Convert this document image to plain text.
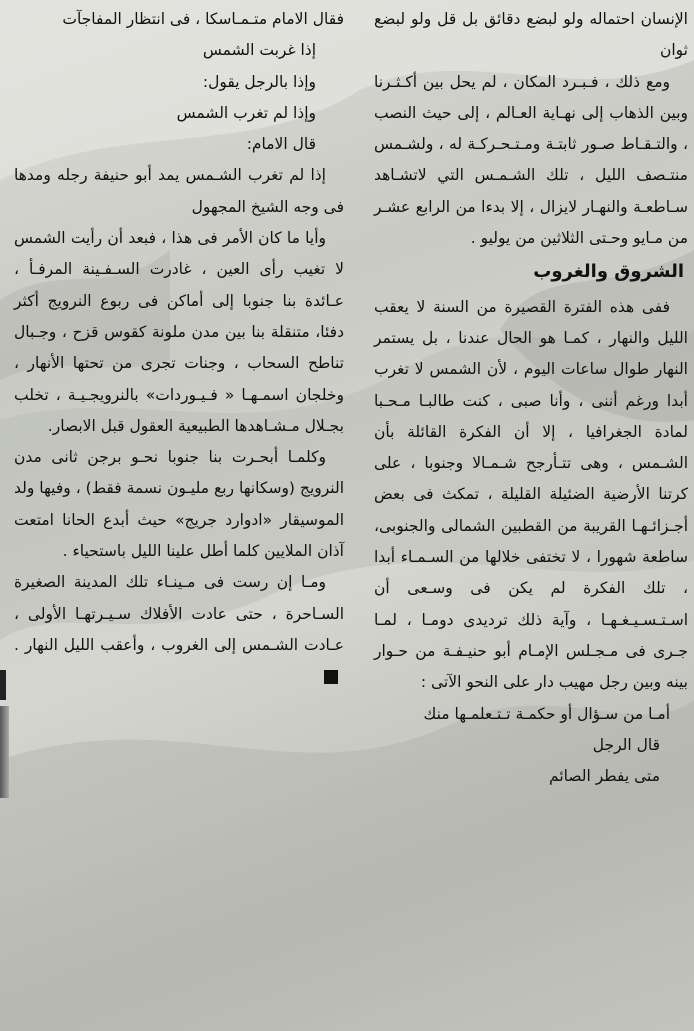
الإنسان احتماله ولو لبضع دقائق بل قل ولو لبضع ثوان

ومع ذلك ، فـبـرد المكان ، لم يحل بين أكـثـرنا وبين الذهاب إلى نهـاية العـالم ، إلى حيث النصب ، والتـقـاط صـور ثابتـة ومـتـحـركـة له ، ولشـمس منتـصف الليل ، تلك الشـمـس التي لاتشـاهد سـاطعـة والنهـار لايزال ، إلا بدءا من الرابع عشـر من مـايو وحـتى الثلاثين من يوليو .

الشروق والغروب

ففى هذه الفترة القصيرة من السنة لا يعقب الليل والنهار ، كمـا هو الحال عندنا ، بل يستمر النهار طوال ساعات اليوم ، لأن الشمس لا تغرب أبدا ورغم أننى ، وأنا صبى ، كنت طالبـا مـحـبا لمادة الجغرافيا ، إلا أن الفكرة القائلة بأن الشـمس ، وهى تتـأرجح شـمـالا وجنوبا ، على كرتنا الأرضية الضئيلة القليلة ، تمكث فى بعض أجـزائـهـا القريبة من القطبين الشمالى والجنوبى، ساطعة شهورا ، لا تختفى خلالها من السـمـاء أبدا ، تلك الفكرة لم يكن فى وسـعى أن اسـتـسـيـغـهـا ، وآية ذلك ترديدى دومـا ، لمـا جـرى فى مـجـلس الإمـام أبو حنيـفـة من حـوار بينه وبين رجل مهيب دار على النحو الآتى :

أمـا من سـؤال أو حكمـة تـتـعلمـها منك

قال الرجل

متى يفطر الصائم

فقال الامام متـمـاسكا ، فى انتظار المفاجآت

إذا غربت الشمس

وإذا بالرجل يقول:

وإذا لم تغرب الشمس

قال الامام:

إذا لم تغرب الشـمس يمد أبو حنيفة رجله ومدها فى وجه الشيخ المجهول

وأيا ما كان الأمر فى هذا ، فبعد أن رأيت الشمس لا تغيب رأى العين ، غادرت السـفـينة المرفـأ ، عـائدة بنا جنوبا إلى أماكن فى ربوع النرويج أكثر دفئا، متنقلة بنا بين مدن ملونة كقوس قزح ، وجـبال تناطح السحاب ، وجنات تجرى من تحتها الأنهار ، وخلجان اسمـهـا « فـيـوردات» بالنرويجـيـة ، تخلب بجـلال مـشـاهدها الطبيعية العقول قبل الابصار.

وكلمـا أبحـرت بنا جنوبا نحـو برجن ثانى مدن النرويج (وسكانها ربع مليـون نسمة فقط) ، وفيها ولد الموسيقار «ادوارد جريج» حيث أبدع الحانا امتعت آذان الملايين كلما أطل علينا الليل باستحياء .

ومـا إن رست فى مـينـاء تلك المدينة الصغيرة السـاحرة ، حتى عادت الأفلاك سـيـرتهـا الأولى ، عـادت الشـمس إلى الغروب ، وأعقب الليل النهار .
